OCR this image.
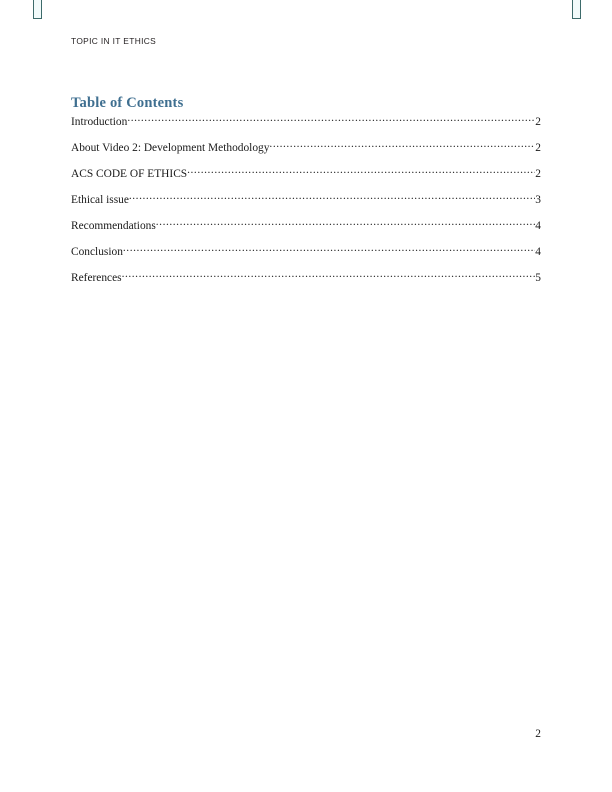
TOPIC IN IT ETHICS
Table of Contents
Introduction .....	2
About Video 2: Development Methodology .....	2
ACS CODE OF ETHICS .....	2
Ethical issue .....	3
Recommendations .....	4
Conclusion .....	4
References .....	5
2
